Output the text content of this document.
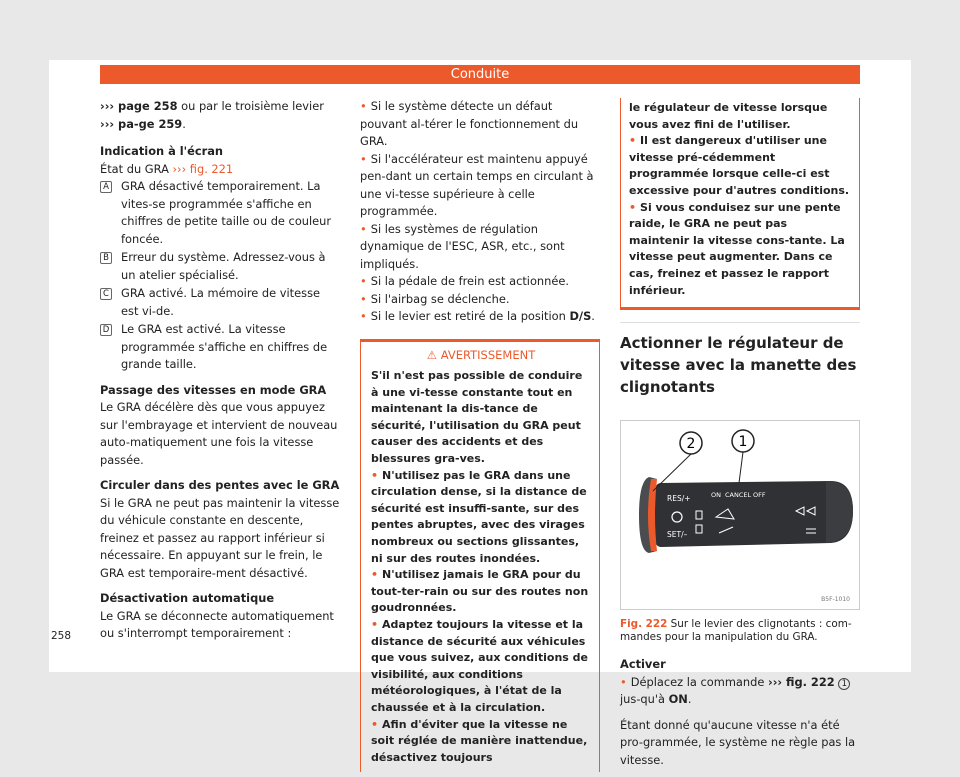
Conduite

››› page 258 ou par le troisième levier ››› pa-ge 259.

Indication à l'écran
État du GRA ››› fig. 221
A GRA désactivé temporairement. La vites-se programmée s'affiche en chiffres de petite taille ou de couleur foncée.
B Erreur du système. Adressez-vous à un atelier spécialisé.
C GRA activé. La mémoire de vitesse est vi-de.
D Le GRA est activé. La vitesse programmée s'affiche en chiffres de grande taille.
Passage des vitesses en mode GRA

Le GRA décélère dès que vous appuyez sur l'embrayage et intervient de nouveau auto-matiquement une fois la vitesse passée.

Circuler dans des pentes avec le GRA

Si le GRA ne peut pas maintenir la vitesse du véhicule constante en descente, freinez et passez au rapport inférieur si nécessaire. En appuyant sur le frein, le GRA est temporaire-ment désactivé.

Désactivation automatique

Le GRA se déconnecte automatiquement ou s'interrompt temporairement :

• Si le système détecte un défaut pouvant al-térer le fonctionnement du GRA.
• Si l'accélérateur est maintenu appuyé pen-dant un certain temps en circulant à une vi-tesse supérieure à celle programmée.
• Si les systèmes de régulation dynamique de l'ESC, ASR, etc., sont impliqués.
• Si la pédale de frein est actionnée.
• Si l'airbag se déclenche.
• Si le levier est retiré de la position D/S.
⚠ AVERTISSEMENT
S'il n'est pas possible de conduire à une vi-tesse constante tout en maintenant la dis-tance de sécurité, l'utilisation du GRA peut causer des accidents et des blessures gra-ves.
• N'utilisez pas le GRA dans une circulation dense, si la distance de sécurité est insuffi-sante, sur des pentes abruptes, avec des virages nombreux ou sections glissantes, ni sur des routes inondées.
• N'utilisez jamais le GRA pour du tout-ter-rain ou sur des routes non goudronnées.
• Adaptez toujours la vitesse et la distance de sécurité aux véhicules que vous suivez, aux conditions de visibilité, aux conditions météorologiques, à l'état de la chaussée et à la circulation.
• Afin d'éviter que la vitesse ne soit réglée de manière inattendue, désactivez toujours
le régulateur de vitesse lorsque vous avez fini de l'utiliser.
• Il est dangereux d'utiliser une vitesse pré-cédemment programmée lorsque celle-ci est excessive pour d'autres conditions.
• Si vous conduisez sur une pente raide, le GRA ne peut pas maintenir la vitesse cons-tante. La vitesse peut augmenter. Dans ce cas, freinez et passez le rapport inférieur.
Actionner le régulateur de vitesse avec la manette des clignotants
2	1
RES/+	ON CANCEL OFF
SET/–
B5F-1010
Fig. 222 Sur le levier des clignotants : com-mandes pour la manipulation du GRA.
Activer
• Déplacez la commande ››› fig. 222 1 jus-qu'à ON.

Étant donné qu'aucune vitesse n'a été pro-grammée, le système ne règle pas la vitesse.

258
